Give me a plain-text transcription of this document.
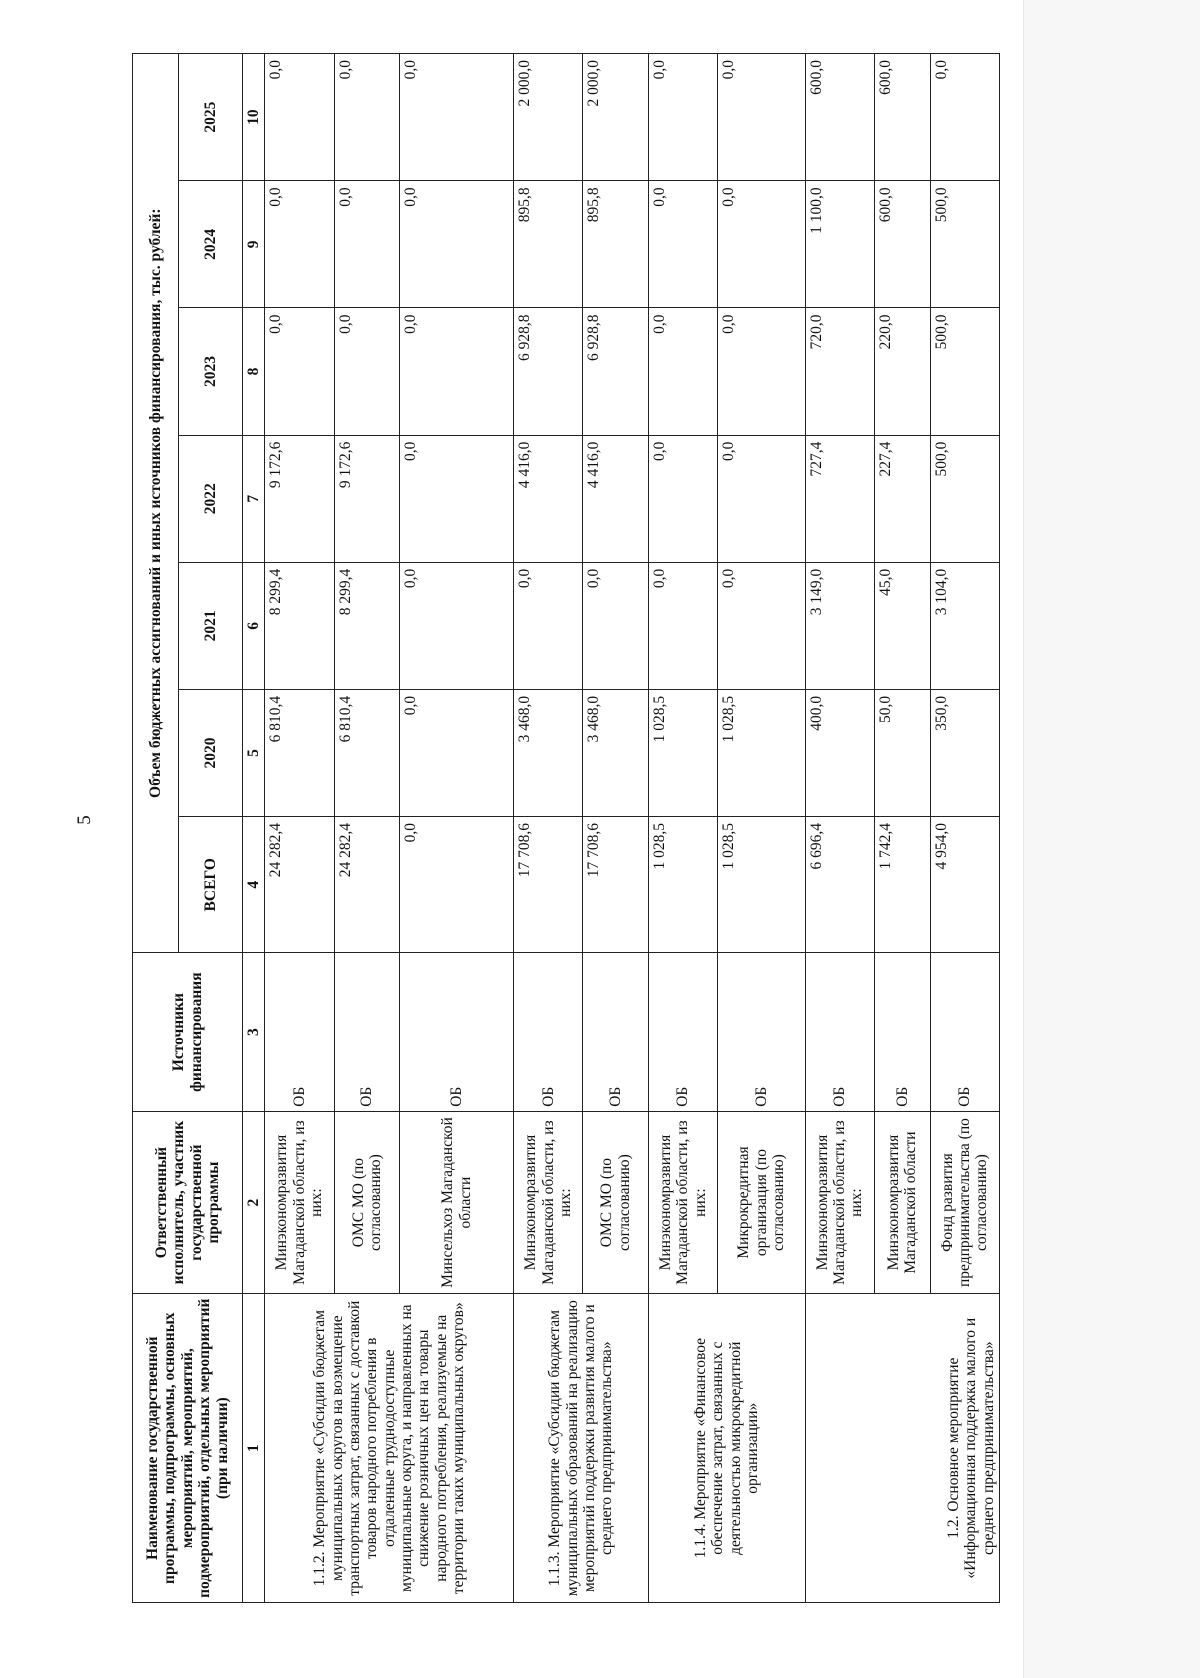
5
Наименование государственной программы, подпрограммы, основных мероприятий, мероприятий, подмероприятий, отдельных мероприятий (при наличии)	Ответственный исполнитель, участник государственной программы	Источники финансирования	Объем бюджетных ассигнований и иных источников финансирования, тыс. рублей:						
			ВСЕГО	2020	2021	2022	2023	2024	2025
1	2	3	4	5	6	7	8	9	10
1.1.2. Мероприятие «Субсидии бюджетам муниципальных округов на возмещение транспортных затрат, связанных с доставкой товаров народного потребления в отдаленные труднодоступные муниципальные округа, и направленных на снижение розничных цен на товары народного потребления, реализуемые на территории таких муниципальных округов»	Минэкономразвития Магаданской области, из них:	ОБ	24 282,4	6 810,4	8 299,4	9 172,6	0,0	0,0	0,0
	ОМС МО (по согласованию)	ОБ	24 282,4	6 810,4	8 299,4	9 172,6	0,0	0,0	0,0
	Минсельхоз Магаданской области	ОБ	0,0	0,0	0,0	0,0	0,0	0,0	0,0
1.1.3. Мероприятие «Субсидии бюджетам муниципальных образований на реализацию мероприятий поддержки развития малого и среднего предпринимательства»	Минэкономразвития Магаданской области, из них:	ОБ	17 708,6	3 468,0	0,0	4 416,0	6 928,8	895,8	2 000,0
	ОМС МО (по согласованию)	ОБ	17 708,6	3 468,0	0,0	4 416,0	6 928,8	895,8	2 000,0
1.1.4. Мероприятие «Финансовое обеспечение затрат, связанных с деятельностью микрокредитной организации»	Минэкономразвития Магаданской области, из них:	ОБ	1 028,5	1 028,5	0,0	0,0	0,0	0,0	0,0
	Микрокредитная организация (по согласованию)	ОБ	1 028,5	1 028,5	0,0	0,0	0,0	0,0	0,0
1.2. Основное мероприятие «Информационная поддержка малого и среднего предпринимательства»	Минэкономразвития Магаданской области, из них:	ОБ	6 696,4	400,0	3 149,0	727,4	720,0	1 100,0	600,0
	Минэкономразвития Магаданской области	ОБ	1 742,4	50,0	45,0	227,4	220,0	600,0	600,0
	Фонд развития предпринимательства (по согласованию)	ОБ	4 954,0	350,0	3 104,0	500,0	500,0	500,0	0,0
